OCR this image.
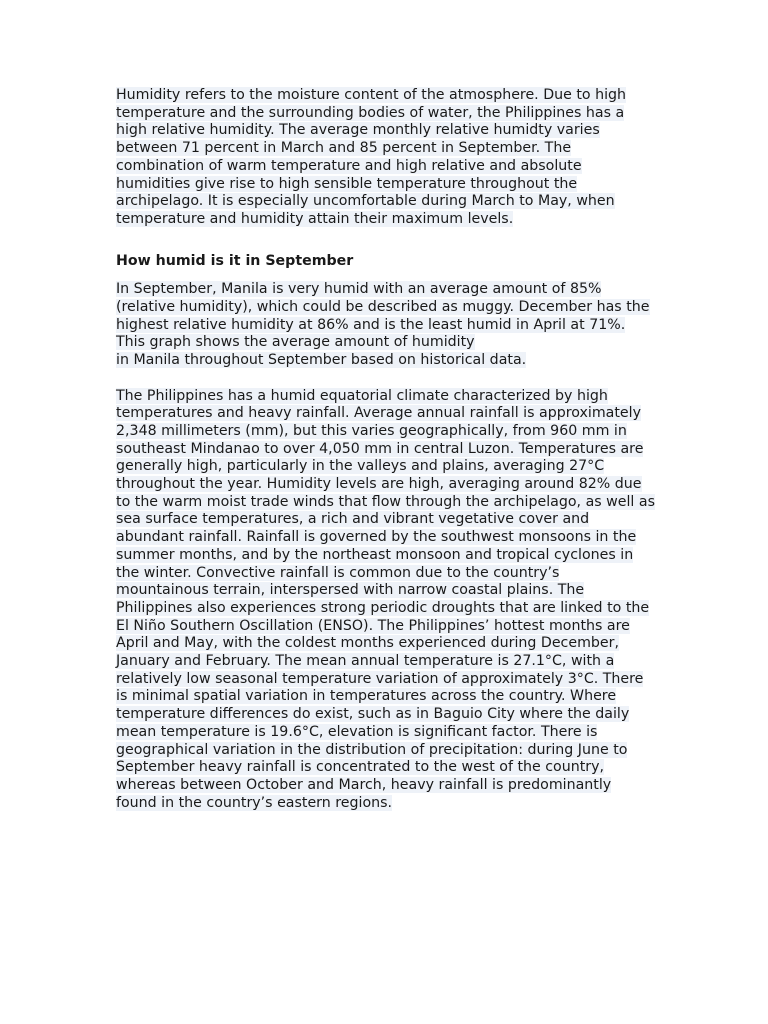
Humidity refers to the moisture content of the atmosphere. Due to high temperature and the surrounding bodies of water, the Philippines has a high relative humidity. The average monthly relative humidty varies between 71 percent in March and 85 percent in September. The combination of warm temperature and high relative and absolute humidities give rise to high sensible temperature throughout the archipelago. It is especially uncomfortable during March to May, when temperature and humidity attain their maximum levels.

How humid is it in September

In September, Manila is very humid with an average amount of 85% (relative humidity), which could be described as muggy. December has the highest relative humidity at 86% and is the least humid in April at 71%. This graph shows the average amount of humidity
in Manila throughout September based on historical data.

The Philippines has a humid equatorial climate characterized by high temperatures and heavy rainfall. Average annual rainfall is approximately 2,348 millimeters (mm), but this varies geographically, from 960 mm in southeast Mindanao to over 4,050 mm in central Luzon. Temperatures are generally high, particularly in the valleys and plains, averaging 27°C throughout the year. Humidity levels are high, averaging around 82% due to the warm moist trade winds that flow through the archipelago, as well as sea surface temperatures, a rich and vibrant vegetative cover and abundant rainfall. Rainfall is governed by the southwest monsoons in the summer months, and by the northeast monsoon and tropical cyclones in the winter. Convective rainfall is common due to the country’s mountainous terrain, interspersed with narrow coastal plains. The Philippines also experiences strong periodic droughts that are linked to the El Niño Southern Oscillation (ENSO). The Philippines’ hottest months are April and May, with the coldest months experienced during December, January and February. The mean annual temperature is 27.1°C, with a relatively low seasonal temperature variation of approximately 3°C. There is minimal spatial variation in temperatures across the country. Where temperature differences do exist, such as in Baguio City where the daily mean temperature is 19.6°C, elevation is significant factor. There is geographical variation in the distribution of precipitation: during June to September heavy rainfall is concentrated to the west of the country, whereas between October and March, heavy rainfall is predominantly found in the country’s eastern regions.
